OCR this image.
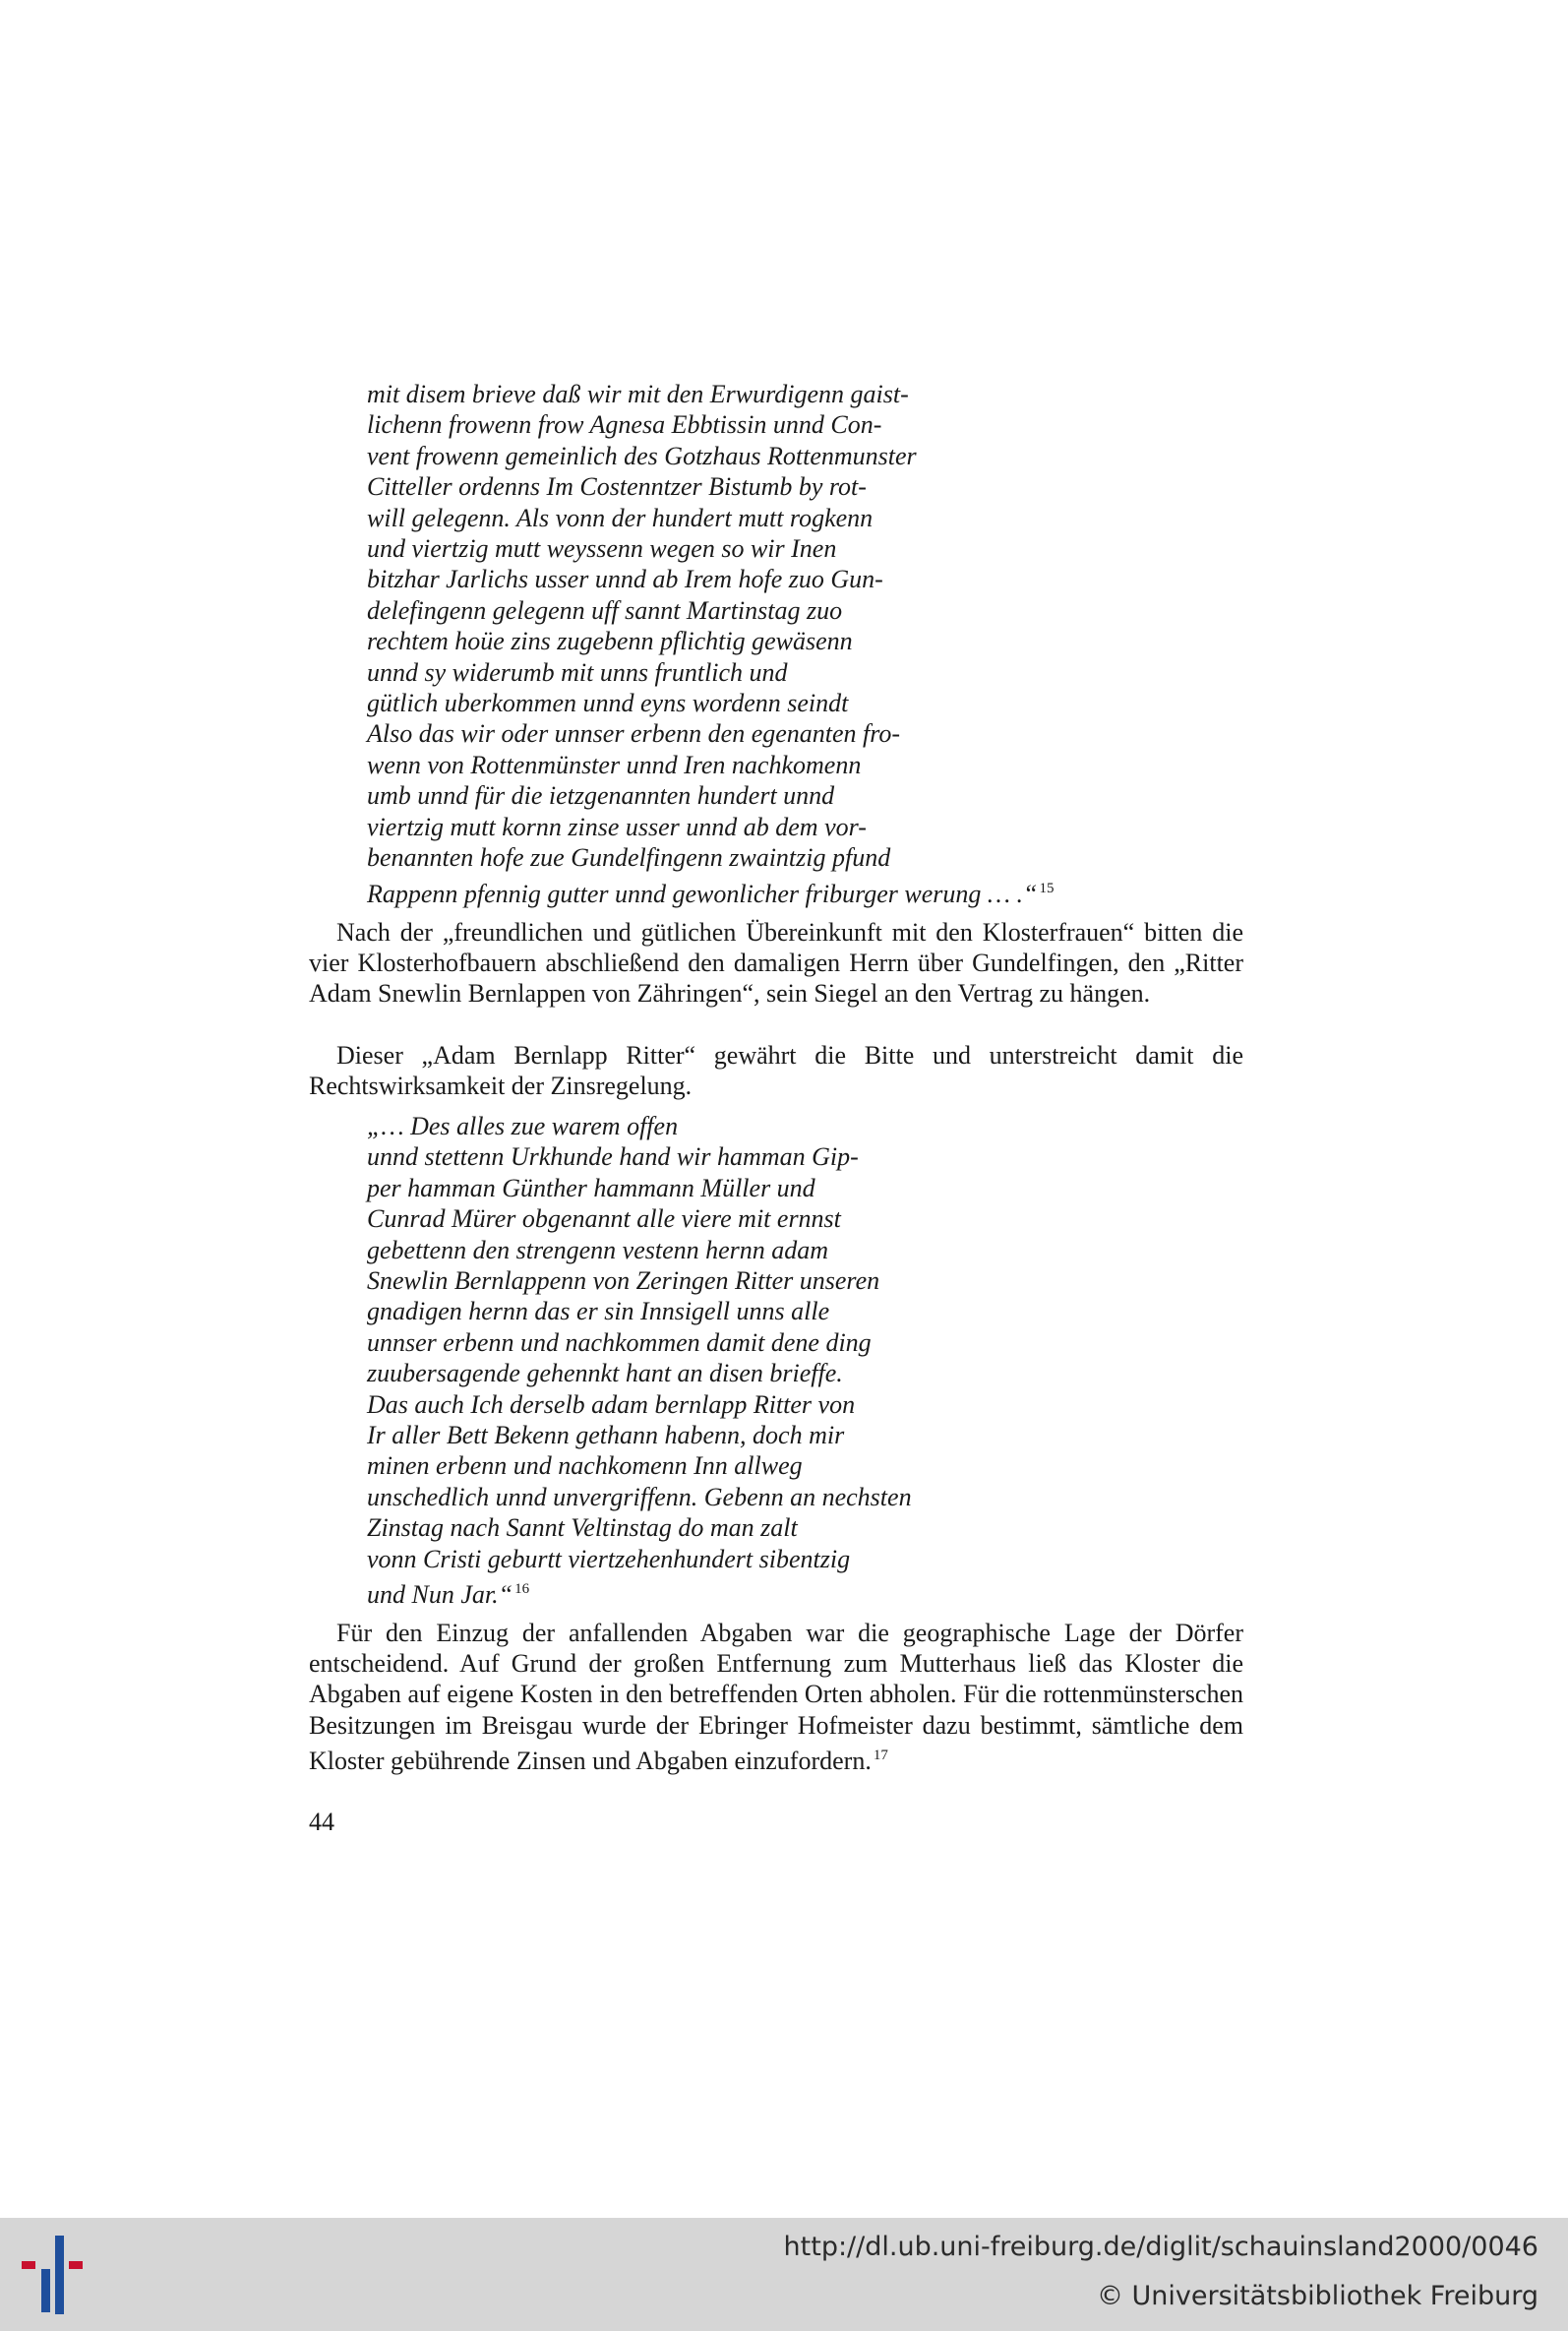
mit disem brieve daß wir mit den Erwurdigenn gaist-
lichenn frowenn frow Agnesa Ebbtissin unnd Con-
vent frowenn gemeinlich des Gotzhaus Rottenmunster
Citteller ordenns Im Costenntzer Bistumb by rot-
will gelegenn. Als vonn der hundert mutt rogkenn
und viertzig mutt weyssenn wegen so wir Inen
bitzhar Jarlichs usser unnd ab Irem hofe zuo Gun-
delefingenn gelegenn uff sannt Martinstag zuo
rechtem hoüe zins zugebenn pflichtig gewäsenn
unnd sy widerumb mit unns fruntlich und
gütlich uberkommen unnd eyns wordenn seindt
Also das wir oder unnser erbenn den egenanten fro-
wenn von Rottenmünster unnd Iren nachkomenn
umb unnd für die ietzgenannten hundert unnd
viertzig mutt kornn zinse usser unnd ab dem vor-
benannten hofe zue Gundelfingenn zwaintzig pfund
Rappenn pfennig gutter unnd gewonlicher friburger werung … .“ $^{15}$

Nach der „freundlichen und gütlichen Übereinkunft mit den Klosterfrauen“ bitten die vier Klosterhofbauern abschließend den damaligen Herrn über Gundelfingen, den „Ritter Adam Snewlin Bernlappen von Zähringen“, sein Siegel an den Vertrag zu hängen.

Dieser „Adam Bernlapp Ritter“ gewährt die Bitte und unterstreicht damit die Rechtswirksamkeit der Zinsregelung.

„… Des alles zue warem offen
unnd stettenn Urkhunde hand wir hamman Gip-
per hamman Günther hammann Müller und
Cunrad Mürer obgenannt alle viere mit ernnst
gebettenn den strengenn vestenn hernn adam
Snewlin Bernlappenn von Zeringen Ritter unseren
gnadigen hernn das er sin Innsigell unns alle
unnser erbenn und nachkommen damit dene ding
zuubersagende gehennkt hant an disen brieffe.
Das auch Ich derselb adam bernlapp Ritter von
Ir aller Bett Bekenn gethann habenn, doch mir
minen erbenn und nachkomenn Inn allweg
unschedlich unnd unvergriffenn. Gebenn an nechsten
Zinstag nach Sannt Veltinstag do man zalt
vonn Cristi geburtt viertzehenhundert sibentzig
und Nun Jar.“ $^{16}$

Für den Einzug der anfallenden Abgaben war die geographische Lage der Dörfer entscheidend. Auf Grund der großen Entfernung zum Mutterhaus ließ das Kloster die Abgaben auf eigene Kosten in den betreffenden Orten abholen. Für die rottenmünsterschen Besitzungen im Breisgau wurde der Ebringer Hofmeister dazu bestimmt, sämtliche dem Kloster gebührende Zinsen und Abgaben einzufordern. $^{17}$

44

http://dl.ub.uni-freiburg.de/diglit/schauinsland2000/0046

© Universitätsbibliothek Freiburg
